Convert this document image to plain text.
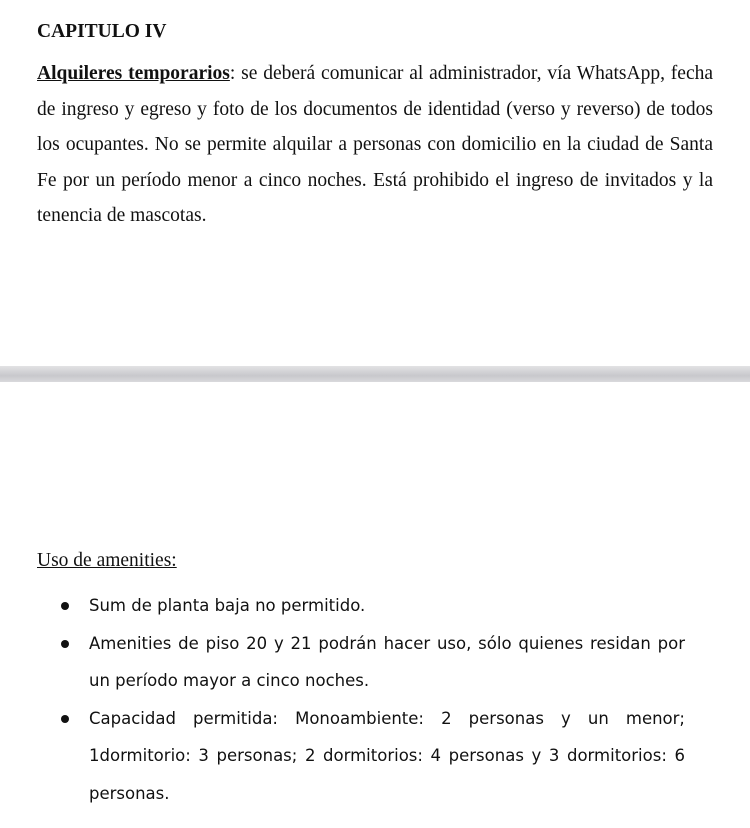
CAPITULO IV

Alquileres temporarios: se deberá comunicar al administrador, vía WhatsApp, fecha de ingreso y egreso y foto de los documentos de identidad (verso y reverso) de todos los ocupantes. No se permite alquilar a personas con domicilio en la ciudad de Santa Fe por un período menor a cinco noches. Está prohibido el ingreso de invitados y la tenencia de mascotas.

Uso de amenities:
Sum de planta baja no permitido.
Amenities de piso 20 y 21 podrán hacer uso, sólo quienes residan por un período mayor a cinco noches.
Capacidad permitida: Monoambiente: 2 personas y un menor; 1dormitorio: 3 personas; 2 dormitorios: 4 personas y 3 dormitorios: 6 personas.
